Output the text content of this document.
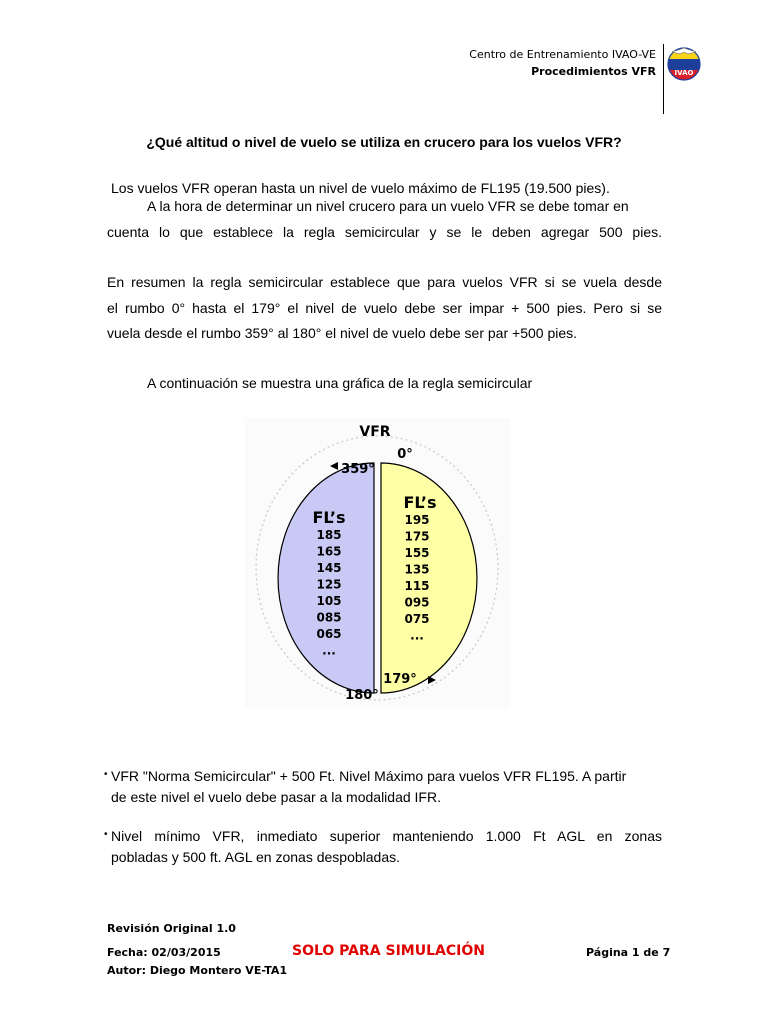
Centro de Entrenamiento IVAO-VE
Procedimientos VFR	IVAO
¿Qué altitud o nivel de vuelo se utiliza en crucero para los vuelos VFR?
Los vuelos VFR operan hasta un nivel de vuelo máximo de FL195 (19.500 pies).
A la hora de determinar un nivel crucero para un vuelo VFR se debe tomar en
cuenta lo que establece la regla semicircular y se le deben agregar 500 pies.
En resumen la regla semicircular establece que para vuelos VFR si se vuela desde
el rumbo 0° hasta el 179° el nivel de vuelo debe ser impar + 500 pies. Pero si se
vuela desde el rumbo 359° al 180° el nivel de vuelo debe ser par +500 pies.
A continuación se muestra una gráfica de la regla semicircular
VFR
0°
359°
179°
180°
FL’s
FL’s
185
165
145
125
105
085
065
...
195
175
155
135
115
095
075
...
• VFR "Norma Semicircular" + 500 Ft. Nivel Máximo para vuelos VFR FL195. A partir
de este nivel el vuelo debe pasar a la modalidad IFR.
• Nivel mínimo VFR, inmediato superior manteniendo 1.000 Ft AGL en zonas
pobladas y 500 ft. AGL en zonas despobladas.
Revisión Original 1.0
Fecha: 02/03/2015
Autor: Diego Montero VE-TA1
SOLO PARA SIMULACIÓN	Página 1 de 7
